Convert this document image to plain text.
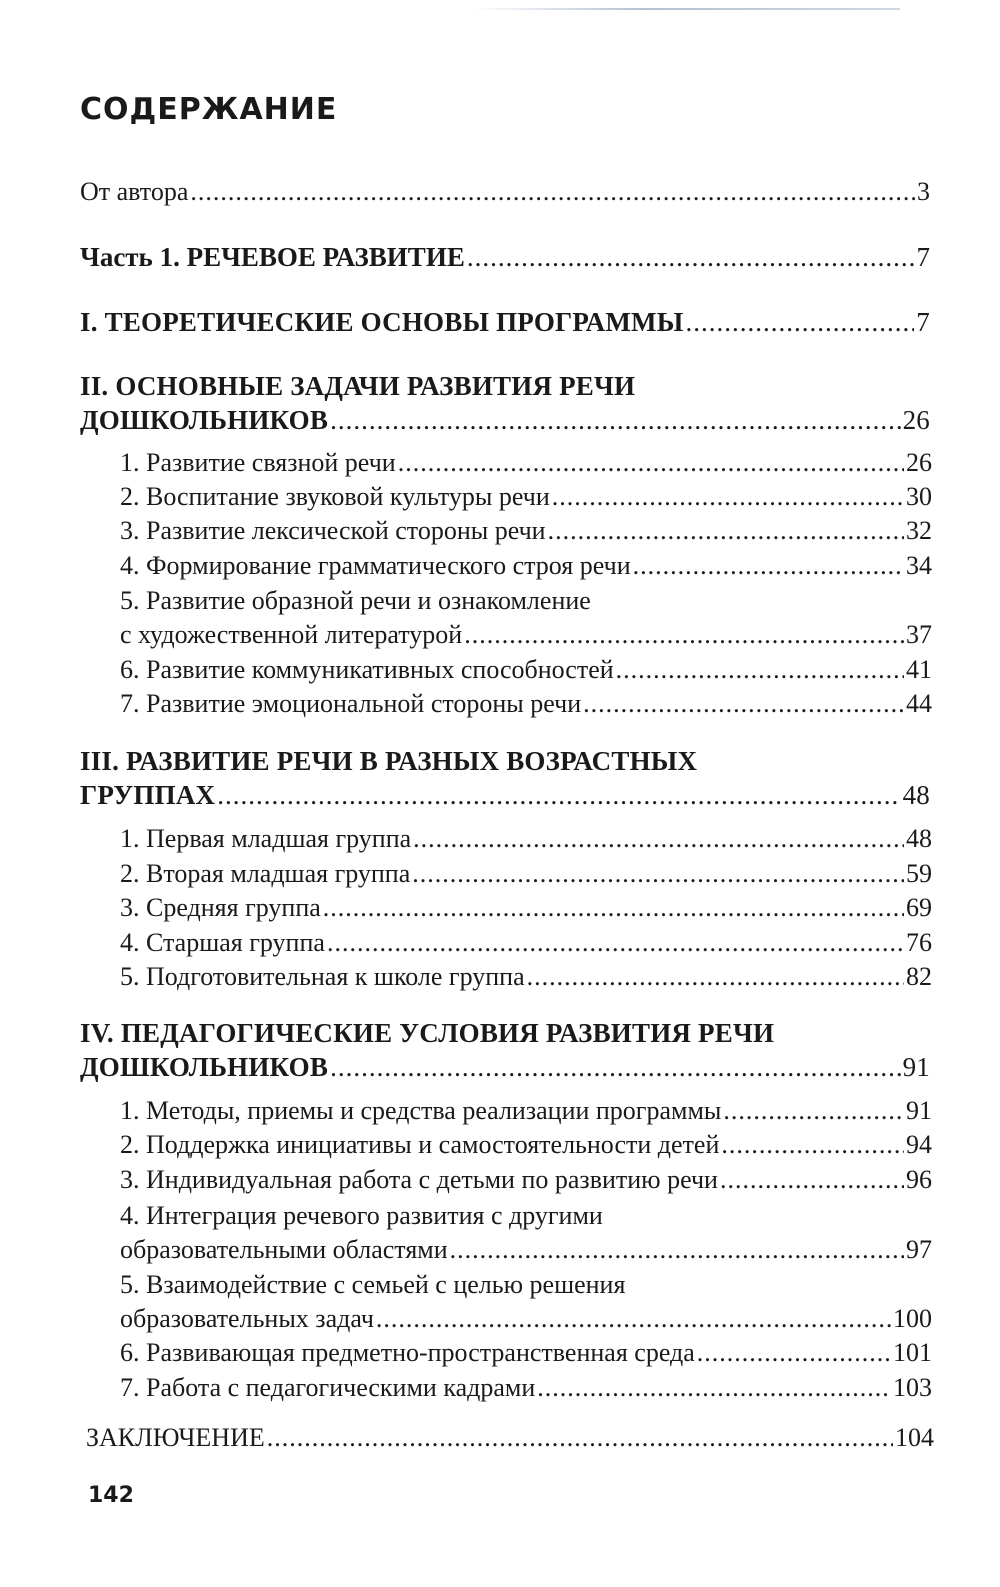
СОДЕРЖАНИЕ
От автора .....	3
Часть 1. РЕЧЕВОЕ РАЗВИТИЕ .....	7
I. ТЕОРЕТИЧЕСКИЕ ОСНОВЫ ПРОГРАММЫ .....	7
II. ОСНОВНЫЕ ЗАДАЧИ РАЗВИТИЯ РЕЧИ
ДОШКОЛЬНИКОВ .....	26
1. Развитие связной речи .....	26
2. Воспитание звуковой культуры речи .....	30
3. Развитие лексической стороны речи .....	32
4. Формирование грамматического строя речи .....	34
5. Развитие образной речи и ознакомление
с художественной литературой .....	37
6. Развитие коммуникативных способностей .....	41
7. Развитие эмоциональной стороны речи .....	44
III. РАЗВИТИЕ РЕЧИ В РАЗНЫХ ВОЗРАСТНЫХ
ГРУППАХ .....	48
1. Первая младшая группа .....	48
2. Вторая младшая группа .....	59
3. Средняя группа .....	69
4. Старшая группа .....	76
5. Подготовительная к школе группа .....	82
IV. ПЕДАГОГИЧЕСКИЕ УСЛОВИЯ РАЗВИТИЯ РЕЧИ
ДОШКОЛЬНИКОВ .....	91
1. Методы, приемы и средства реализации программы .....	91
2. Поддержка инициативы и самостоятельности детей .....	94
3. Индивидуальная работа с детьми по развитию речи .....	96
4. Интеграция речевого развития с другими
образовательными областями .....	97
5. Взаимодействие с семьей с целью решения
образовательных задач .....	100
6. Развивающая предметно-пространственная среда .....	101
7. Работа с педагогическими кадрами .....	103
ЗАКЛЮЧЕНИЕ .....	104
142
